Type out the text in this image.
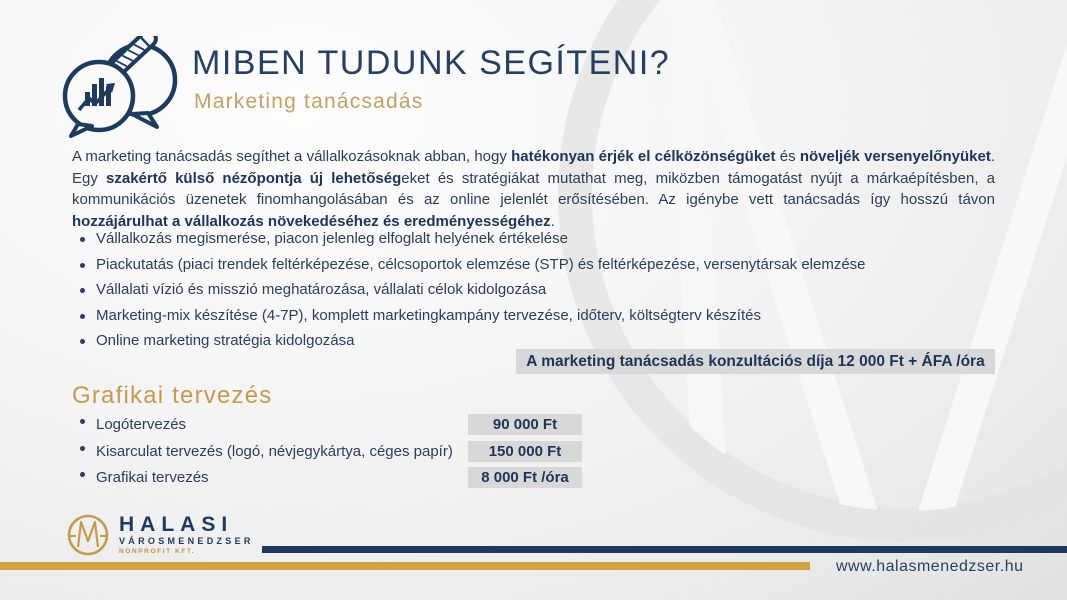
MIBEN TUDUNK SEGÍTENI?
Marketing tanácsadás

A marketing tanácsadás segíthet a vállalkozásoknak abban, hogy hatékonyan érjék el célközönségüket és növeljék versenyelőnyüket. Egy szakértő külső nézőpontja új lehetőségeket és stratégiákat mutathat meg, miközben támogatást nyújt a márkaépítésben, a kommunikációs üzenetek finomhangolásában és az online jelenlét erősítésében. Az igénybe vett tanácsadás így hosszú távon hozzájárulhat a vállalkozás növekedéséhez és eredményességéhez.

Vállalkozás megismerése, piacon jelenleg elfoglalt helyének értékelése
Piackutatás (piaci trendek feltérképezése, célcsoportok elemzése (STP) és feltérképezése, versenytársak elemzése
Vállalati vízió és misszió meghatározása, vállalati célok kidolgozása
Marketing-mix készítése (4-7P), komplett marketingkampány tervezése, időterv, költségterv készítés
Online marketing stratégia kidolgozása
A marketing tanácsadás konzultációs díja 12 000 Ft + ÁFA /óra
Grafikai tervezés
Logótervezés	90 000 Ft
Kisarculat tervezés (logó, névjegykártya, céges papír)	150 000 Ft
Grafikai tervezés	8 000 Ft /óra
HALASI
VÁROSMENEDZSER
NONPROFIT KFT.
www.halasmenedzser.hu
